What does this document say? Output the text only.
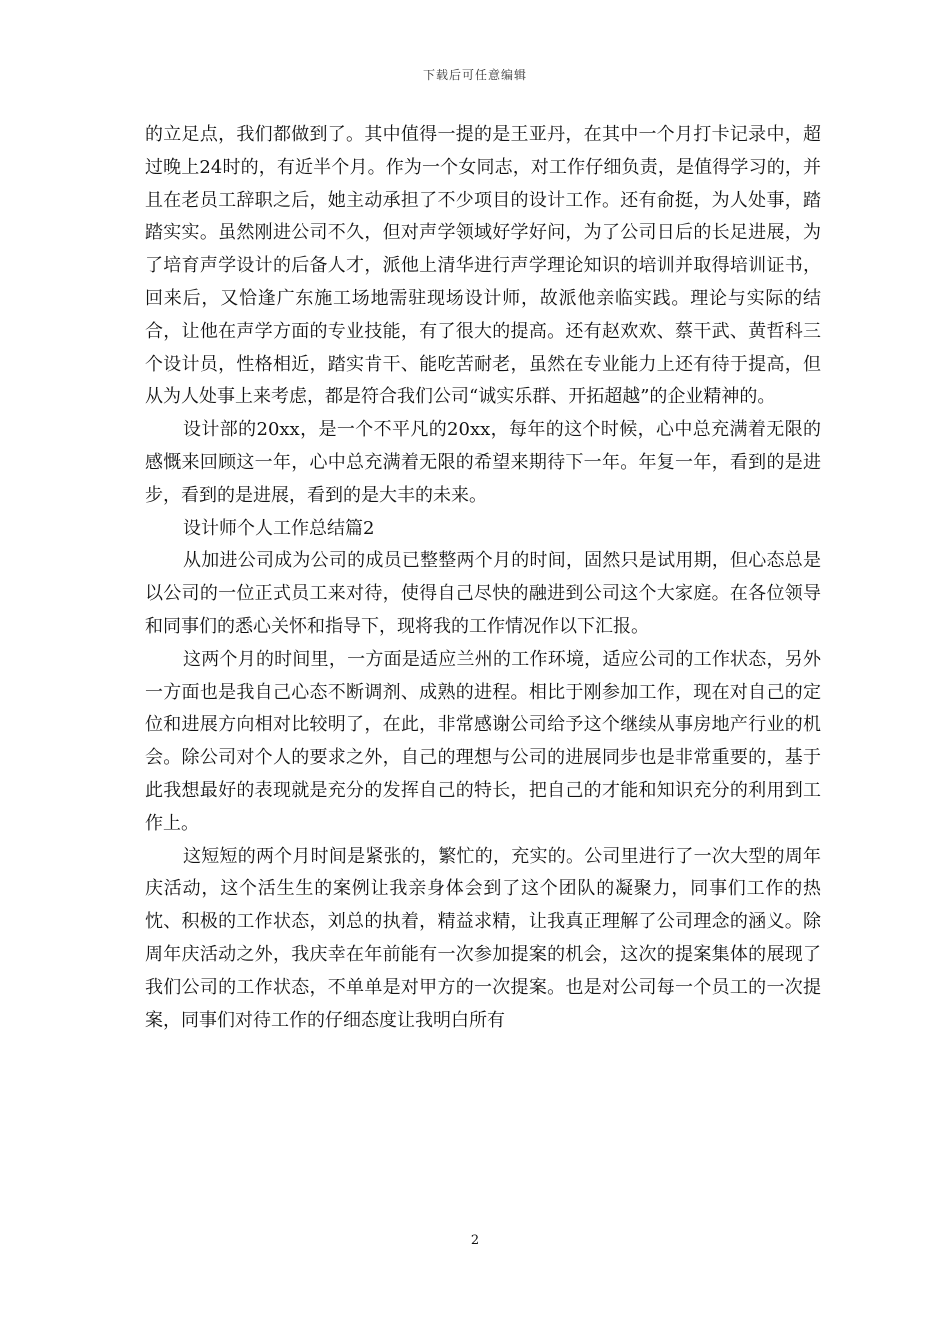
下载后可任意编辑

的立足点，我们都做到了。其中值得一提的是王亚丹，在其中一个月打卡记录中，超过晚上24时的，有近半个月。作为一个女同志，对工作仔细负责，是值得学习的，并且在老员工辞职之后，她主动承担了不少项目的设计工作。还有俞挺，为人处事，踏踏实实。虽然刚进公司不久，但对声学领域好学好问，为了公司日后的长足进展，为了培育声学设计的后备人才，派他上清华进行声学理论知识的培训并取得培训证书，回来后，又恰逢广东施工场地需驻现场设计师，故派他亲临实践。理论与实际的结合，让他在声学方面的专业技能，有了很大的提高。还有赵欢欢、蔡干武、黄哲科三个设计员，性格相近，踏实肯干、能吃苦耐老，虽然在专业能力上还有待于提高，但从为人处事上来考虑，都是符合我们公司“诚实乐群、开拓超越”的企业精神的。

设计部的20xx，是一个不平凡的20xx，每年的这个时候，心中总充满着无限的感慨来回顾这一年，心中总充满着无限的希望来期待下一年。年复一年，看到的是进步，看到的是进展，看到的是大丰的未来。

设计师个人工作总结篇2

从加进公司成为公司的成员已整整两个月的时间，固然只是试用期，但心态总是以公司的一位正式员工来对待，使得自己尽快的融进到公司这个大家庭。在各位领导和同事们的悉心关怀和指导下，现将我的工作情况作以下汇报。

这两个月的时间里，一方面是适应兰州的工作环境，适应公司的工作状态，另外一方面也是我自己心态不断调剂、成熟的进程。相比于刚参加工作，现在对自己的定位和进展方向相对比较明了，在此，非常感谢公司给予这个继续从事房地产行业的机会。除公司对个人的要求之外，自己的理想与公司的进展同步也是非常重要的，基于此我想最好的表现就是充分的发挥自己的特长，把自己的才能和知识充分的利用到工作上。

这短短的两个月时间是紧张的，繁忙的，充实的。公司里进行了一次大型的周年庆活动，这个活生生的案例让我亲身体会到了这个团队的凝聚力，同事们工作的热忱、积极的工作状态，刘总的执着，精益求精，让我真正理解了公司理念的涵义。除周年庆活动之外，我庆幸在年前能有一次参加提案的机会，这次的提案集体的展现了我们公司的工作状态，不单单是对甲方的一次提案。也是对公司每一个员工的一次提案，同事们对待工作的仔细态度让我明白所有

2
